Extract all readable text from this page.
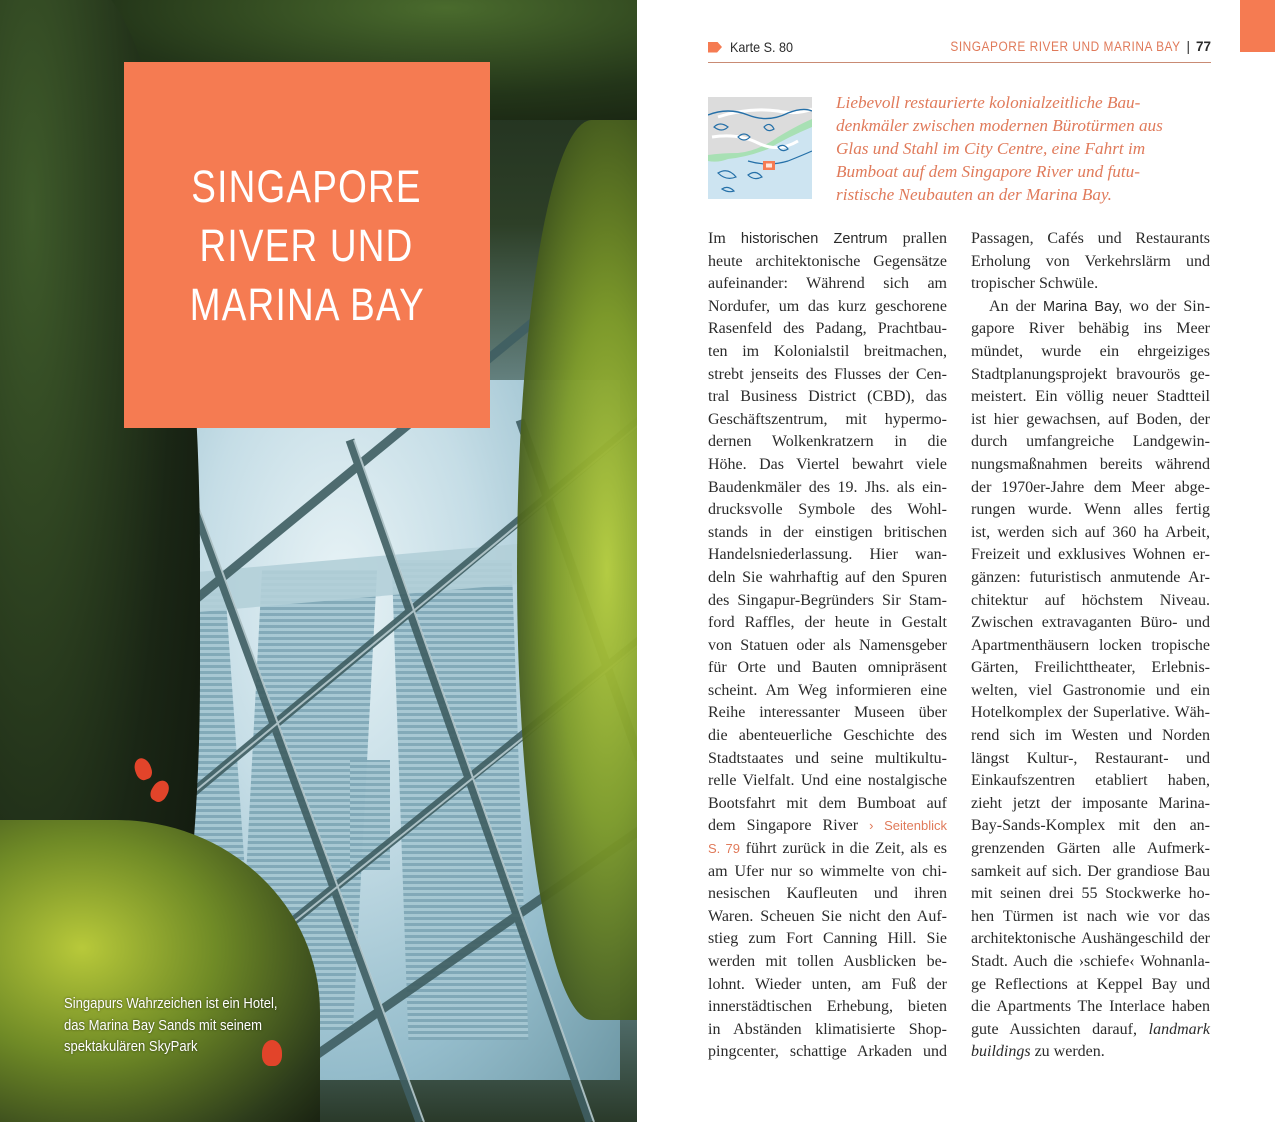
SINGAPORE
RIVER UND
MARINA BAY
Singapurs Wahrzeichen ist ein Hotel,
das Marina Bay Sands mit seinem
spektakulären SkyPark
Karte S. 80	SINGAPORE RIVER UND MARINA BAY | 77
Liebevoll restaurierte kolonialzeitliche Bau-
denkmäler zwischen modernen Bürotürmen aus
Glas und Stahl im City Centre, eine Fahrt im
Bumboat auf dem Singapore River und futu-
ristische Neubauten an der Marina Bay.
Im historischen Zentrum prallen
heute architektonische Gegensätze
aufeinander: Während sich am
Nordufer, um das kurz geschorene
Rasenfeld des Padang, Prachtbau-
ten im Kolonialstil breitmachen,
strebt jenseits des Flusses der Cen-
tral Business District (CBD), das
Geschäftszentrum, mit hypermo-
dernen Wolkenkratzern in die
Höhe. Das Viertel bewahrt viele
Baudenkmäler des 19. Jhs. als ein-
drucksvolle Symbole des Wohl-
stands in der einstigen britischen
Handelsniederlassung. Hier wan-
deln Sie wahrhaftig auf den Spuren
des Singapur-Begründers Sir Stam-
ford Raffles, der heute in Gestalt
von Statuen oder als Namensgeber
für Orte und Bauten omnipräsent
scheint. Am Weg informieren eine
Reihe interessanter Museen über
die abenteuerliche Geschichte des
Stadtstaates und seine multikultu-
relle Vielfalt. Und eine nostalgische
Bootsfahrt mit dem Bumboat auf
dem Singapore River › Seitenblick
S. 79 führt zurück in die Zeit, als es
am Ufer nur so wimmelte von chi-
nesischen Kaufleuten und ihren
Waren. Scheuen Sie nicht den Auf-
stieg zum Fort Canning Hill. Sie
werden mit tollen Ausblicken be-
lohnt. Wieder unten, am Fuß der
innerstädtischen Erhebung, bieten
in Abständen klimatisierte Shop-
pingcenter, schattige Arkaden und
Passagen, Cafés und Restaurants
Erholung von Verkehrslärm und
tropischer Schwüle.
An der Marina Bay, wo der Sin-
gapore River behäbig ins Meer
mündet, wurde ein ehrgeiziges
Stadtplanungsprojekt bravourös ge-
meistert. Ein völlig neuer Stadtteil
ist hier gewachsen, auf Boden, der
durch umfangreiche Landgewin-
nungsmaßnahmen bereits während
der 1970er-Jahre dem Meer abge-
rungen wurde. Wenn alles fertig
ist, werden sich auf 360 ha Arbeit,
Freizeit und exklusives Wohnen er-
gänzen: futuristisch anmutende Ar-
chitektur auf höchstem Niveau.
Zwischen extravaganten Büro- und
Apartmenthäusern locken tropische
Gärten, Freilichttheater, Erlebnis-
welten, viel Gastronomie und ein
Hotelkomplex der Superlative. Wäh-
rend sich im Westen und Norden
längst Kultur-, Restaurant- und
Einkaufszentren etabliert haben,
zieht jetzt der imposante Marina-
Bay-Sands-Komplex mit den an-
grenzenden Gärten alle Aufmerk-
samkeit auf sich. Der grandiose Bau
mit seinen drei 55 Stockwerke ho-
hen Türmen ist nach wie vor das
architektonische Aushängeschild der
Stadt. Auch die ›schiefe‹ Wohnanla-
ge Reflections at Keppel Bay und
die Apartments The Interlace haben
gute Aussichten darauf, landmark
buildings zu werden.
